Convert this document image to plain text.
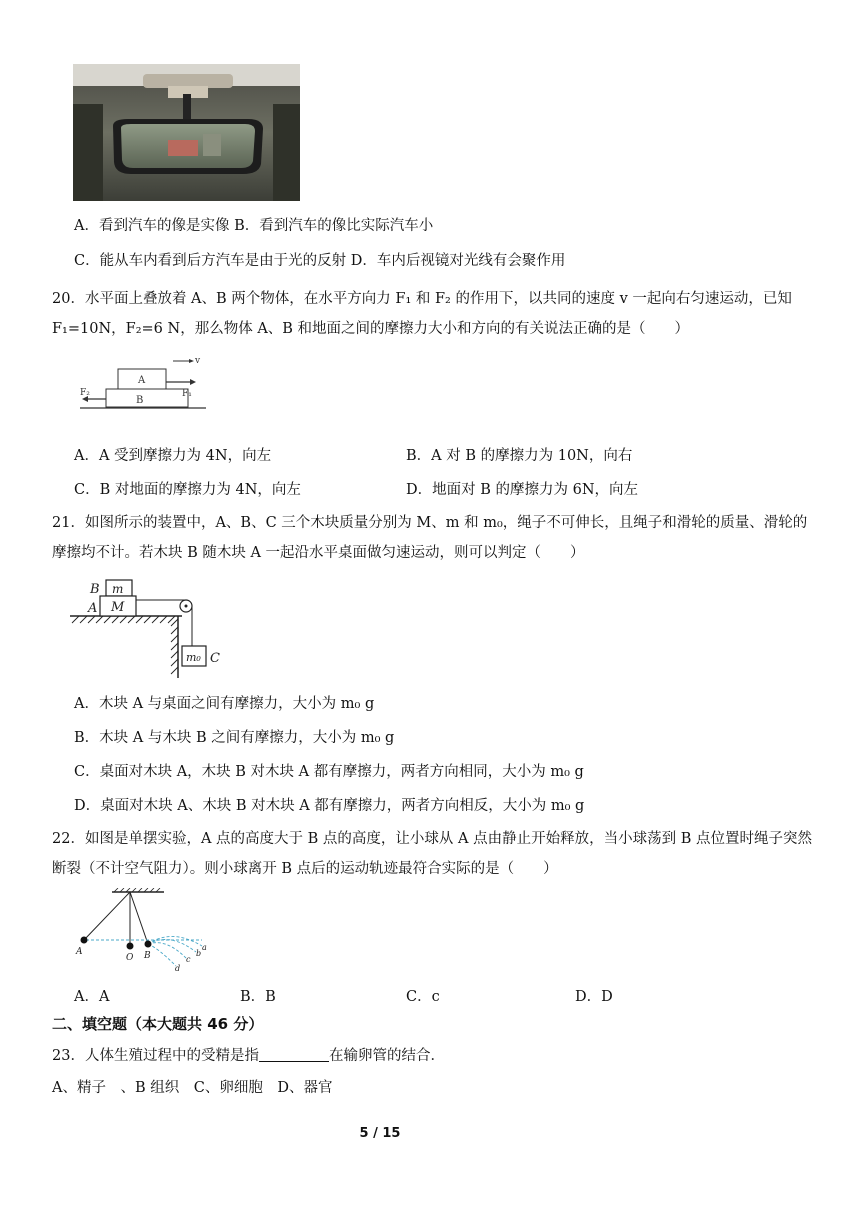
A．看到汽车的像是实像 B．看到汽车的像比实际汽车小
C．能从车内看到后方汽车是由于光的反射 D．车内后视镜对光线有会聚作用
20．水平面上叠放着 A、B 两个物体，在水平方向力 F₁ 和 F₂ 的作用下，以共同的速度 v 一起向右匀速运动，已知 F₁=10N，F₂=6 N，那么物体 A、B 和地面之间的摩擦力大小和方向的有关说法正确的是（　　）
A
B
v
F₁
F₂
A．A 受到摩擦力为 4N，向左	B．A 对 B 的摩擦力为 10N，向右
C．B 对地面的摩擦力为 4N，向左	D．地面对 B 的摩擦力为 6N，向左
21．如图所示的装置中，A、B、C 三个木块质量分别为 M、m 和 m₀，绳子不可伸长，且绳子和滑轮的质量、滑轮的摩擦均不计。若木块 B 随木块 A 一起沿水平桌面做匀速运动，则可以判定（　　）
B m
A M
m₀ C
A．木块 A 与桌面之间有摩擦力，大小为 m₀ g
B．木块 A 与木块 B 之间有摩擦力，大小为 m₀ g
C．桌面对木块 A，木块 B 对木块 A 都有摩擦力，两者方向相同，大小为 m₀ g
D．桌面对木块 A、木块 B 对木块 A 都有摩擦力，两者方向相反，大小为 m₀ g
22．如图是单摆实验，A 点的高度大于 B 点的高度，让小球从 A 点由静止开始释放，当小球荡到 B 点位置时绳子突然断裂（不计空气阻力）。则小球离开 B 点后的运动轨迹最符合实际的是（　　）
A
O B
a
b
c
d
A．A	B．B	C．c	D．D
二、填空题（本大题共 46 分）
23．人体生殖过程中的受精是指	在输卵管的结合．
A、精子　、B 组织　C、卵细胞　D、器官
5 / 15
